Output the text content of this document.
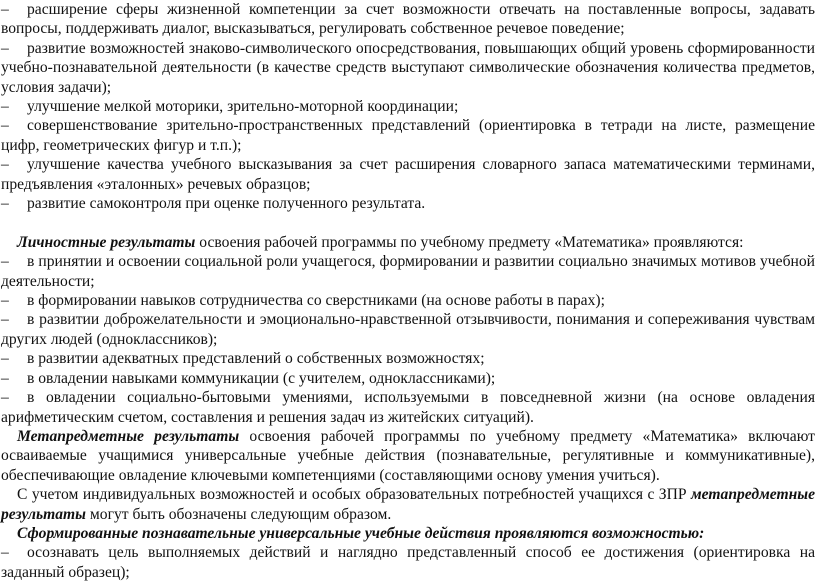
– расширение сферы жизненной компетенции за счет возможности отвечать на поставленные вопросы, задавать вопросы, поддерживать диалог, высказываться, регулировать собственное речевое поведение;

– развитие возможностей знаково-символического опосредствования, повышающих общий уровень сформированности учебно-познавательной деятельности (в качестве средств выступают символические обозначения количества предметов, условия задачи);

– улучшение мелкой моторики, зрительно-моторной координации;

– совершенствование зрительно-пространственных представлений (ориентировка в тетради на листе, размещение цифр, геометрических фигур и т.п.);

– улучшение качества учебного высказывания за счет расширения словарного запаса математическими терминами, предъявления «эталонных» речевых образцов;

– развитие самоконтроля при оценке полученного результата.

Личностные результаты освоения рабочей программы по учебному предмету «Математика» проявляются:

– в принятии и освоении социальной роли учащегося, формировании и развитии социально значимых мотивов учебной деятельности;

– в формировании навыков сотрудничества со сверстниками (на основе работы в парах);

– в развитии доброжелательности и эмоционально-нравственной отзывчивости, понимания и сопереживания чувствам других людей (одноклассников);

– в развитии адекватных представлений о собственных возможностях;

– в овладении навыками коммуникации (с учителем, одноклассниками);

– в овладении социально-бытовыми умениями, используемыми в повседневной жизни (на основе овладения арифметическим счетом, составления и решения задач из житейских ситуаций).

Метапредметные результаты освоения рабочей программы по учебному предмету «Математика» включают осваиваемые учащимися универсальные учебные действия (познавательные, регулятивные и коммуникативные), обеспечивающие овладение ключевыми компетенциями (составляющими основу умения учиться).

С учетом индивидуальных возможностей и особых образовательных потребностей учащихся с ЗПР метапредметные результаты могут быть обозначены следующим образом.

Сформированные познавательные универсальные учебные действия проявляются возможностью:

– осознавать цель выполняемых действий и наглядно представленный способ ее достижения (ориентировка на заданный образец);
